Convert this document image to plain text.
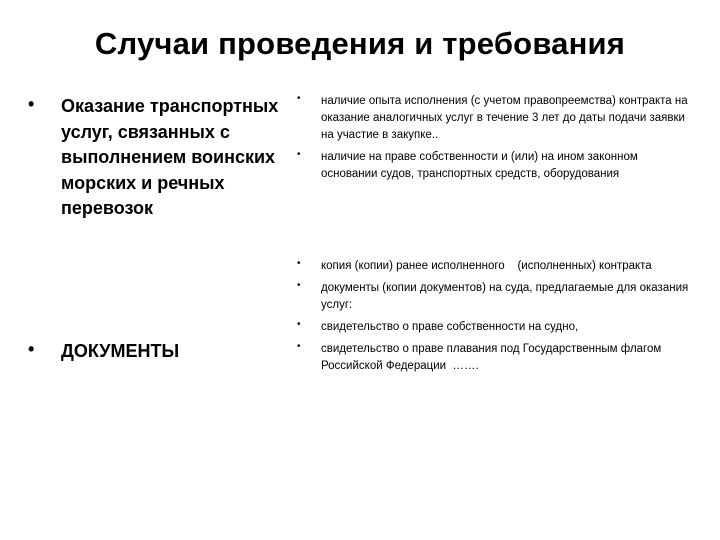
Случаи проведения и требования
• Оказание транспортных услуг, связанных с выполнением воинских морских и речных перевозок
• ДОКУМЕНТЫ
• наличие опыта исполнения (с учетом правопреемства) контракта на оказание аналогичных услуг в течение 3 лет до даты подачи заявки на участие в закупке..
• наличие на праве собственности и (или) на ином законном основании судов, транспортных средств, оборудования
• копия (копии) ранее исполненного    (исполненных) контракта
• документы (копии документов) на суда, предлагаемые для оказания услуг:
• свидетельство о праве собственности на судно,
• свидетельство о праве плавания под Государственным флагом Российской Федерации  …….
